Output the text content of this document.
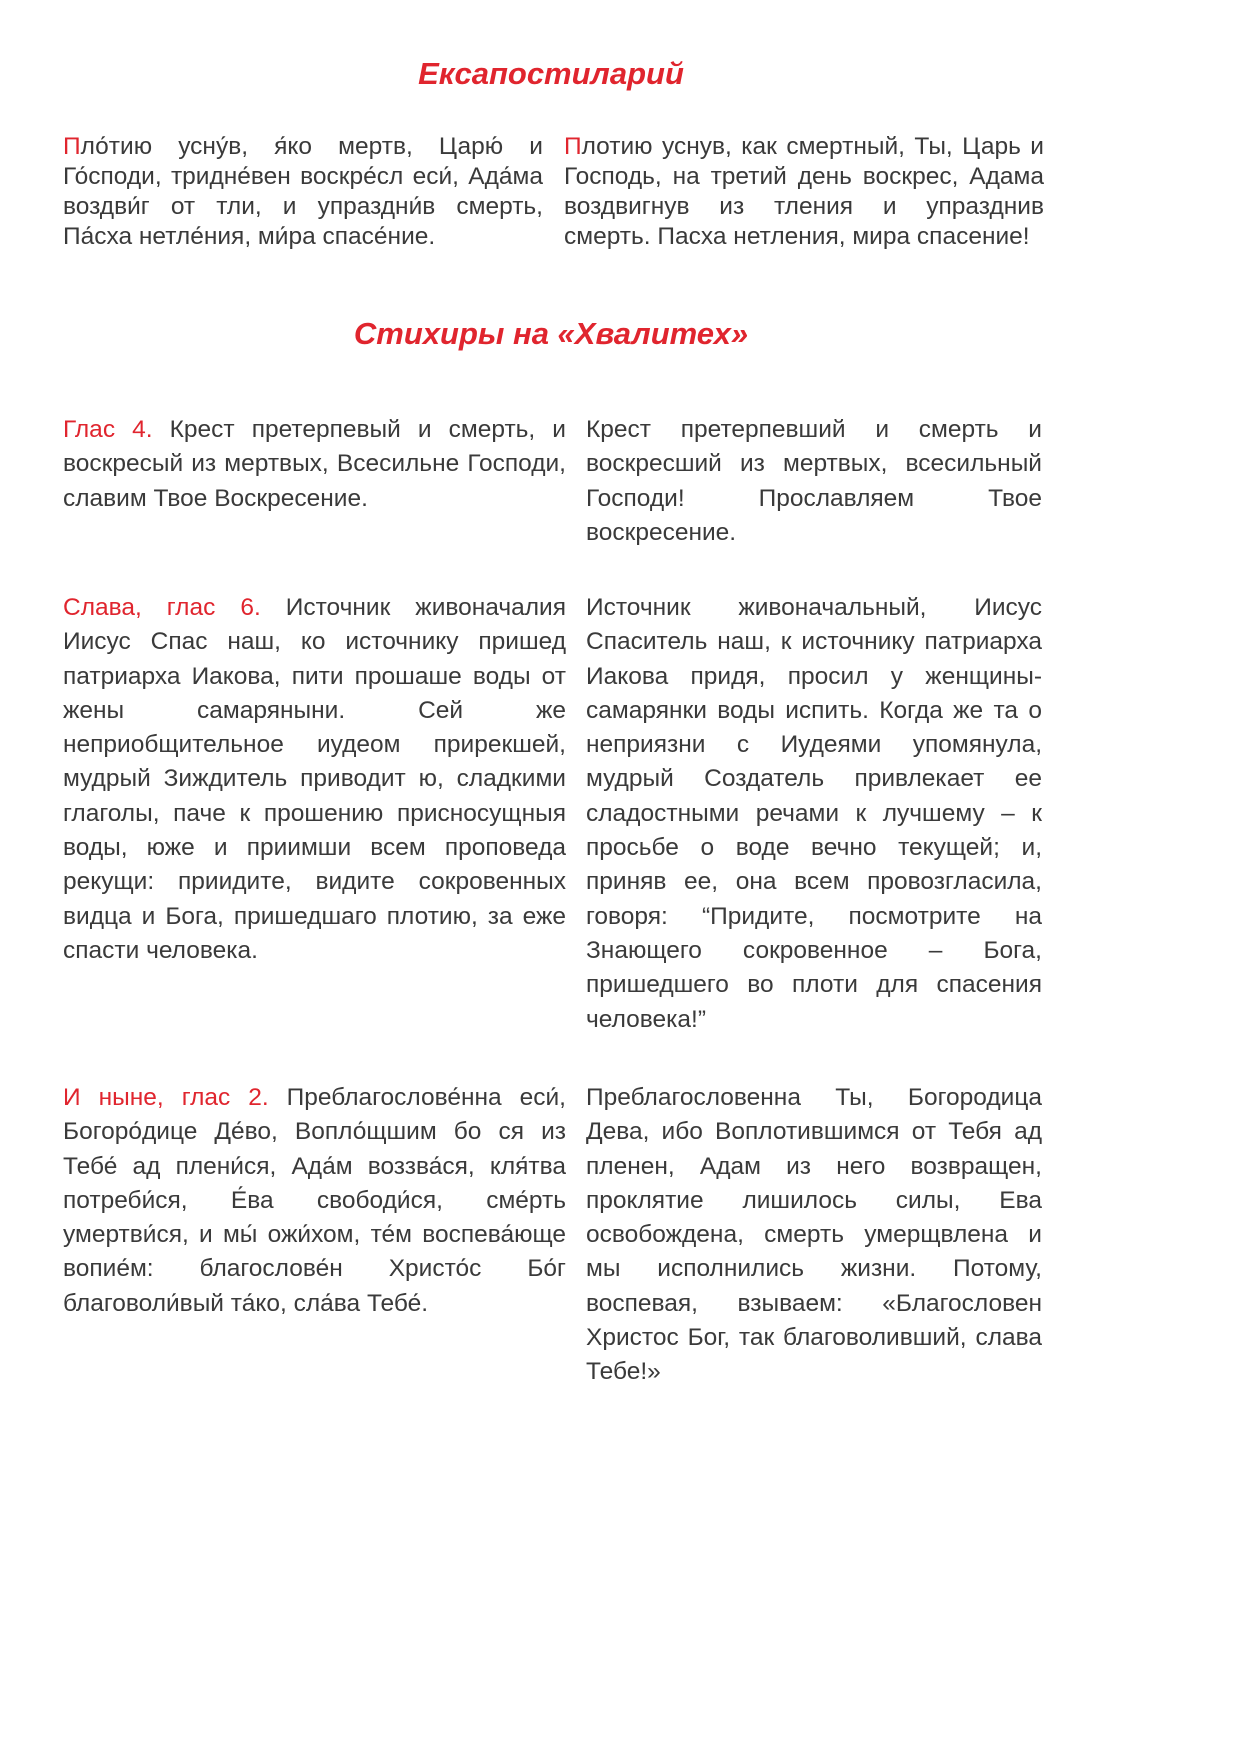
Ексапостиларий

Пло́тию усну́в, я́ко мертв, Царю́ и Го́споди, тридне́вен воскре́сл еси́, Ада́ма воздви́г от тли, и упраздни́в смерть, Па́сха нетле́ния, ми́ра спасе́ние.

Плотию уснув, как смертный, Ты, Царь и Господь, на третий день воскрес, Адама воздвигнув из тления и упразднив смерть. Пасха нетления, мира спасение!

Стихиры на «Хвалитех»

Глас 4. Крест претерпевый и смерть, и воскресый из мертвых, Всесильне Господи, славим Твое Воскресение.

Крест претерпевший и смерть и воскресший из мертвых, всесильный Господи! Прославляем Твое воскресение.

Слава, глас 6. Источник живоначалия Иисус Спас наш, ко источнику пришед патриарха Иакова, пити прошаше воды от жены самаряныни. Сей же неприобщительное иудеом прирекшей, мудрый Зиждитель приводит ю, сладкими глаголы, паче к прошению присносущныя воды, юже и приимши всем проповеда рекущи: приидите, видите сокровенных видца и Бога, пришедшаго плотию, за еже спасти человека.

Источник живоначальный, Иисус Спаситель наш, к источнику патриарха Иакова придя, просил у женщины-самарянки воды испить. Когда же та о неприязни с Иудеями упомянула, мудрый Создатель привлекает ее сладостными речами к лучшему – к просьбе о воде вечно текущей; и, приняв ее, она всем провозгласила, говоря: “Придите, посмотрите на Знающего сокровенное – Бога, пришедшего во плоти для спасения человека!”

И ныне, глас 2. Преблагослове́нна еси́, Богоро́дице Де́во, Вопло́щшим бо ся из Тебе́ ад плени́ся, Ада́м воззва́ся, кля́тва потреби́ся, Е́ва свободи́ся, сме́рть умертви́ся, и мы́ ожи́хом, те́м воспева́юще вопие́м: благослове́н Христо́с Бо́г благоволи́вый та́ко, сла́ва Тебе́.

Преблагословенна Ты, Богородица Дева, ибо Воплотившимся от Тебя ад пленен, Адам из него возвращен, проклятие лишилось силы, Ева освобождена, смерть умерщвлена и мы исполнились жизни. Потому, воспевая, взываем: «Благословен Христос Бог, так благоволивший, слава Тебе!»
